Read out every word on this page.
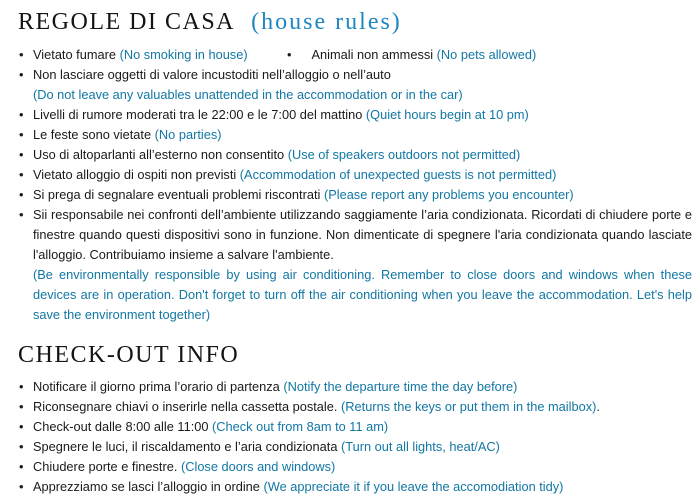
REGOLE DI CASA (house rules)
• Vietato fumare (No smoking in house)	• Animali non ammessi (No pets allowed)
• Non lasciare oggetti di valore incustoditi nell’alloggio o nell’auto
(Do not leave any valuables unattended in the accommodation or in the car)
• Livelli di rumore moderati tra le 22:00 e le 7:00 del mattino (Quiet hours begin at 10 pm)
• Le feste sono vietate (No parties)
• Uso di altoparlanti all’esterno non consentito (Use of speakers outdoors not permitted)
• Vietato alloggio di ospiti non previsti (Accommodation of unexpected guests is not permitted)
• Si prega di segnalare eventuali problemi riscontrati (Please report any problems you encounter)
• Sii responsabile nei confronti dell’ambiente utilizzando saggiamente l’aria condizionata. Ricordati di chiudere porte e finestre quando questi dispositivi sono in funzione. Non dimenticate di spegnere l'aria condizionata quando lasciate l'alloggio. Contribuiamo insieme a salvare l'ambiente.
(Be environmentally responsible by using air conditioning. Remember to close doors and windows when these devices are in operation. Don't forget to turn off the air conditioning when you leave the accommodation. Let's help save the environment together)
CHECK-OUT INFO
• Notificare il giorno prima l’orario di partenza (Notify the departure time the day before)
• Riconsegnare chiavi o inserirle nella cassetta postale. (Returns the keys or put them in the mailbox).
• Check-out dalle 8:00 alle 11:00 (Check out from 8am to 11 am)
• Spegnere le luci, il riscaldamento e l’aria condizionata (Turn out all lights, heat/AC)
• Chiudere porte e finestre. (Close doors and windows)
• Apprezziamo se lasci l’alloggio in ordine (We appreciate it if you leave the accomodiation tidy)
